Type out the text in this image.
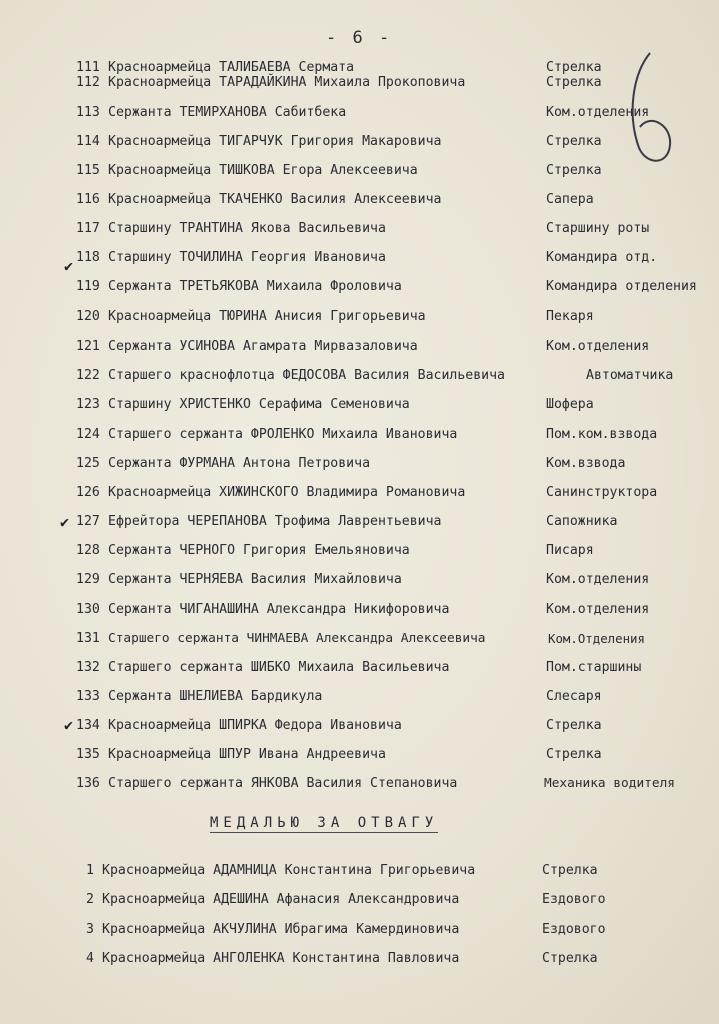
- 6 -
111 Красноармейца ТАЛИБАЕВА Сермата	Стрелка
112 Красноармейца ТАРАДАЙКИНА Михаила Прокоповича	Стрелка
113 Сержанта ТЕМИРХАНОВА Сабитбека	Ком.отделения
114 Красноармейца ТИГАРЧУК Григория Макаровича	Стрелка
115 Красноармейца ТИШКОВА Егора Алексеевича	Стрелка
116 Красноармейца ТКАЧЕНКО Василия Алексеевича	Сапера
117 Старшину ТРАНТИНА Якова Васильевича	Старшину роты
118 Старшину ТОЧИЛИНА Георгия Ивановича	Командира отд.
119 Сержанта ТРЕТЬЯКОВА Михаила Фроловича	Командира отделения
120 Красноармейца ТЮРИНА Анисия Григорьевича	Пекаря
121 Сержанта УСИНОВА Агамрата Мирвазаловича	Ком.отделения
122 Старшего краснофлотца ФЕДОСОВА Василия Васильевича	Автоматчика
123 Старшину ХРИСТЕНКО Серафима Семеновича	Шофера
124 Старшего сержанта ФРОЛЕНКО Михаила Ивановича	Пом.ком.взвода
125 Сержанта ФУРМАНА Антона Петровича	Ком.взвода
126 Красноармейца ХИЖИНСКОГО Владимира Романовича	Санинструктора
127 Ефрейтора ЧЕРЕПАНОВА Трофима Лаврентьевича	Сапожника
128 Сержанта ЧЕРНОГО Григория Емельяновича	Писаря
129 Сержанта ЧЕРНЯЕВА Василия Михайловича	Ком.отделения
130 Сержанта ЧИГАНАШИНА Александра Никифоровича	Ком.отделения
131 Старшего сержанта ЧИНМАЕВА Александра Алексеевича	Ком.Отделения
132 Старшего сержанта ШИБКО Михаила Васильевича	Пом.старшины
133 Сержанта ШНЕЛИЕВА Бардикула	Слесаря
134 Красноармейца ШПИРКА Федора Ивановича	Стрелка
135 Красноармейца ШПУР Ивана Андреевича	Стрелка
136 Старшего сержанта ЯНКОВА Василия Степановича	Механика водителя
✔
✔
✔
МЕДАЛЬЮ ЗА ОТВАГУ
1 Красноармейца АДАМНИЦА Константина Григорьевича	Стрелка
2 Красноармейца АДЕШИНА Афанасия Александровича	Ездового
3 Красноармейца АКЧУЛИНА Ибрагима Камердиновича	Ездового
4 Красноармейца АНГОЛЕНКА Константина Павловича	Стрелка
